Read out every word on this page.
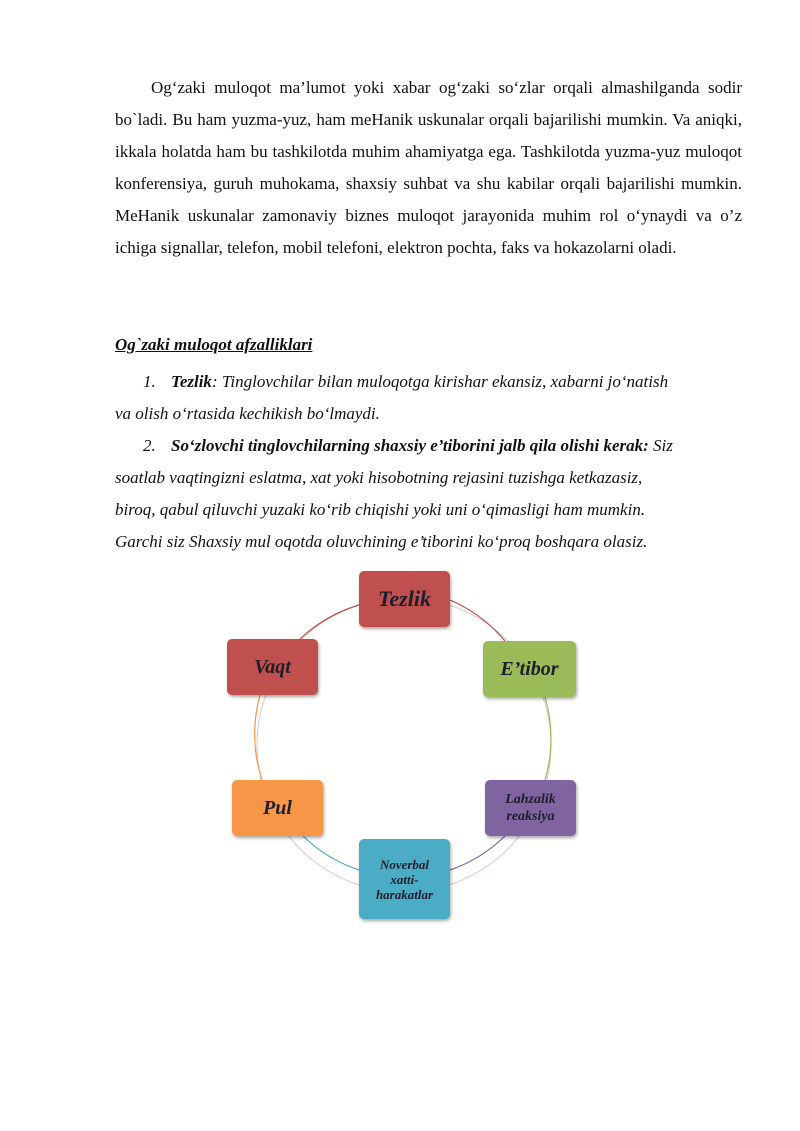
Og‘zaki muloqot ma’lumot yoki xabar og‘zaki so‘zlar orqali almashilganda sodir bo`ladi. Bu ham yuzma-yuz, ham meHanik uskunalar orqali bajarilishi mumkin. Va aniqki, ikkala holatda ham bu tashkilotda muhim ahamiyatga ega. Tashkilotda yuzma-yuz muloqot konferensiya, guruh muhokama, shaxsiy suhbat va shu kabilar orqali bajarilishi mumkin. MeHanik uskunalar zamonaviy biznes muloqot jarayonida muhim rol o‘ynaydi va o’z ichiga signallar, telefon, mobil telefoni, elektron pochta, faks va hokazolarni oladi.

Og`zaki muloqot afzalliklari

1. Tezlik: Tinglovchilar bilan muloqotga kirishar ekansiz, xabarni jo‘natish
va olish o‘rtasida kechikish bo‘lmaydi.
2. So‘zlovchi tinglovchilarning shaxsiy e’tiborini jalb qila olishi kerak: Siz
soatlab vaqtingizni eslatma, xat yoki hisobotning rejasini tuzishga ketkazasiz,
biroq, qabul qiluvchi yuzaki ko‘rib chiqishi yoki uni o‘qimasligi ham mumkin.
Garchi siz Shaxsiy mul oqotda oluvchining e’tiborini ko‘proq boshqara olasiz.
Tezlik
E’tibor
Lahzalik
reaksiya
Noverbal
xatti-
harakatlar
Pul
Vaqt
